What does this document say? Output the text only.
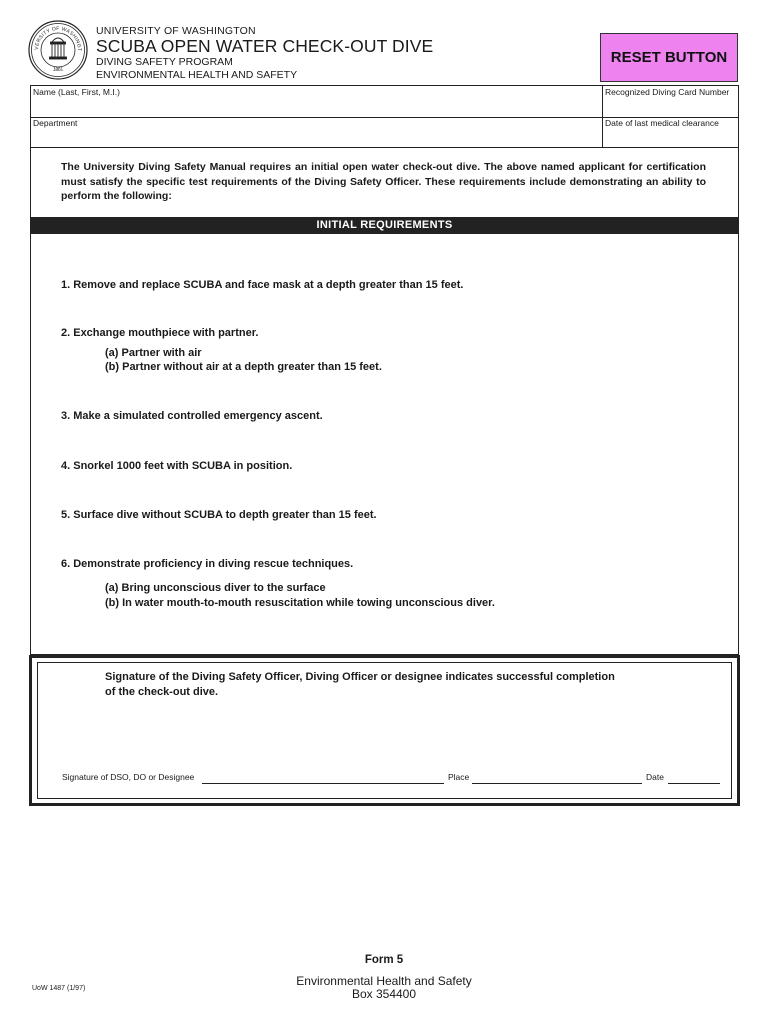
VERSITY OF WASHINGT
1861
UNIVERSITY OF WASHINGTON
SCUBA OPEN WATER CHECK-OUT DIVE
DIVING SAFETY PROGRAM
ENVIRONMENTAL HEALTH AND SAFETY
RESET BUTTON
Name (Last, First, M.I.)	Recognized Diving Card Number
Department	Date of last medical clearance
The University Diving Safety Manual requires an initial open water check-out dive. The above named applicant for certification must satisfy the specific test requirements of the Diving Safety Officer. These requirements include demonstrating an ability to perform the following:
INITIAL REQUIREMENTS
1. Remove and replace SCUBA and face mask at a depth greater than 15 feet.
2. Exchange mouthpiece with partner.
(a) Partner with air
(b) Partner without air at a depth greater than 15 feet.
3. Make a simulated controlled emergency ascent.
4. Snorkel 1000 feet with SCUBA in position.
5. Surface dive without SCUBA to depth greater than 15 feet.
6. Demonstrate proficiency in diving rescue techniques.
(a) Bring unconscious diver to the surface
(b) In water mouth-to-mouth resuscitation while towing unconscious diver.
Signature of the Diving Safety Officer, Diving Officer or designee indicates successful completion
of the check-out dive.
Signature of DSO, DO or Designee	Place	Date
Form 5
Environmental Health and Safety
Box 354400
UoW 1487 (1/97)
